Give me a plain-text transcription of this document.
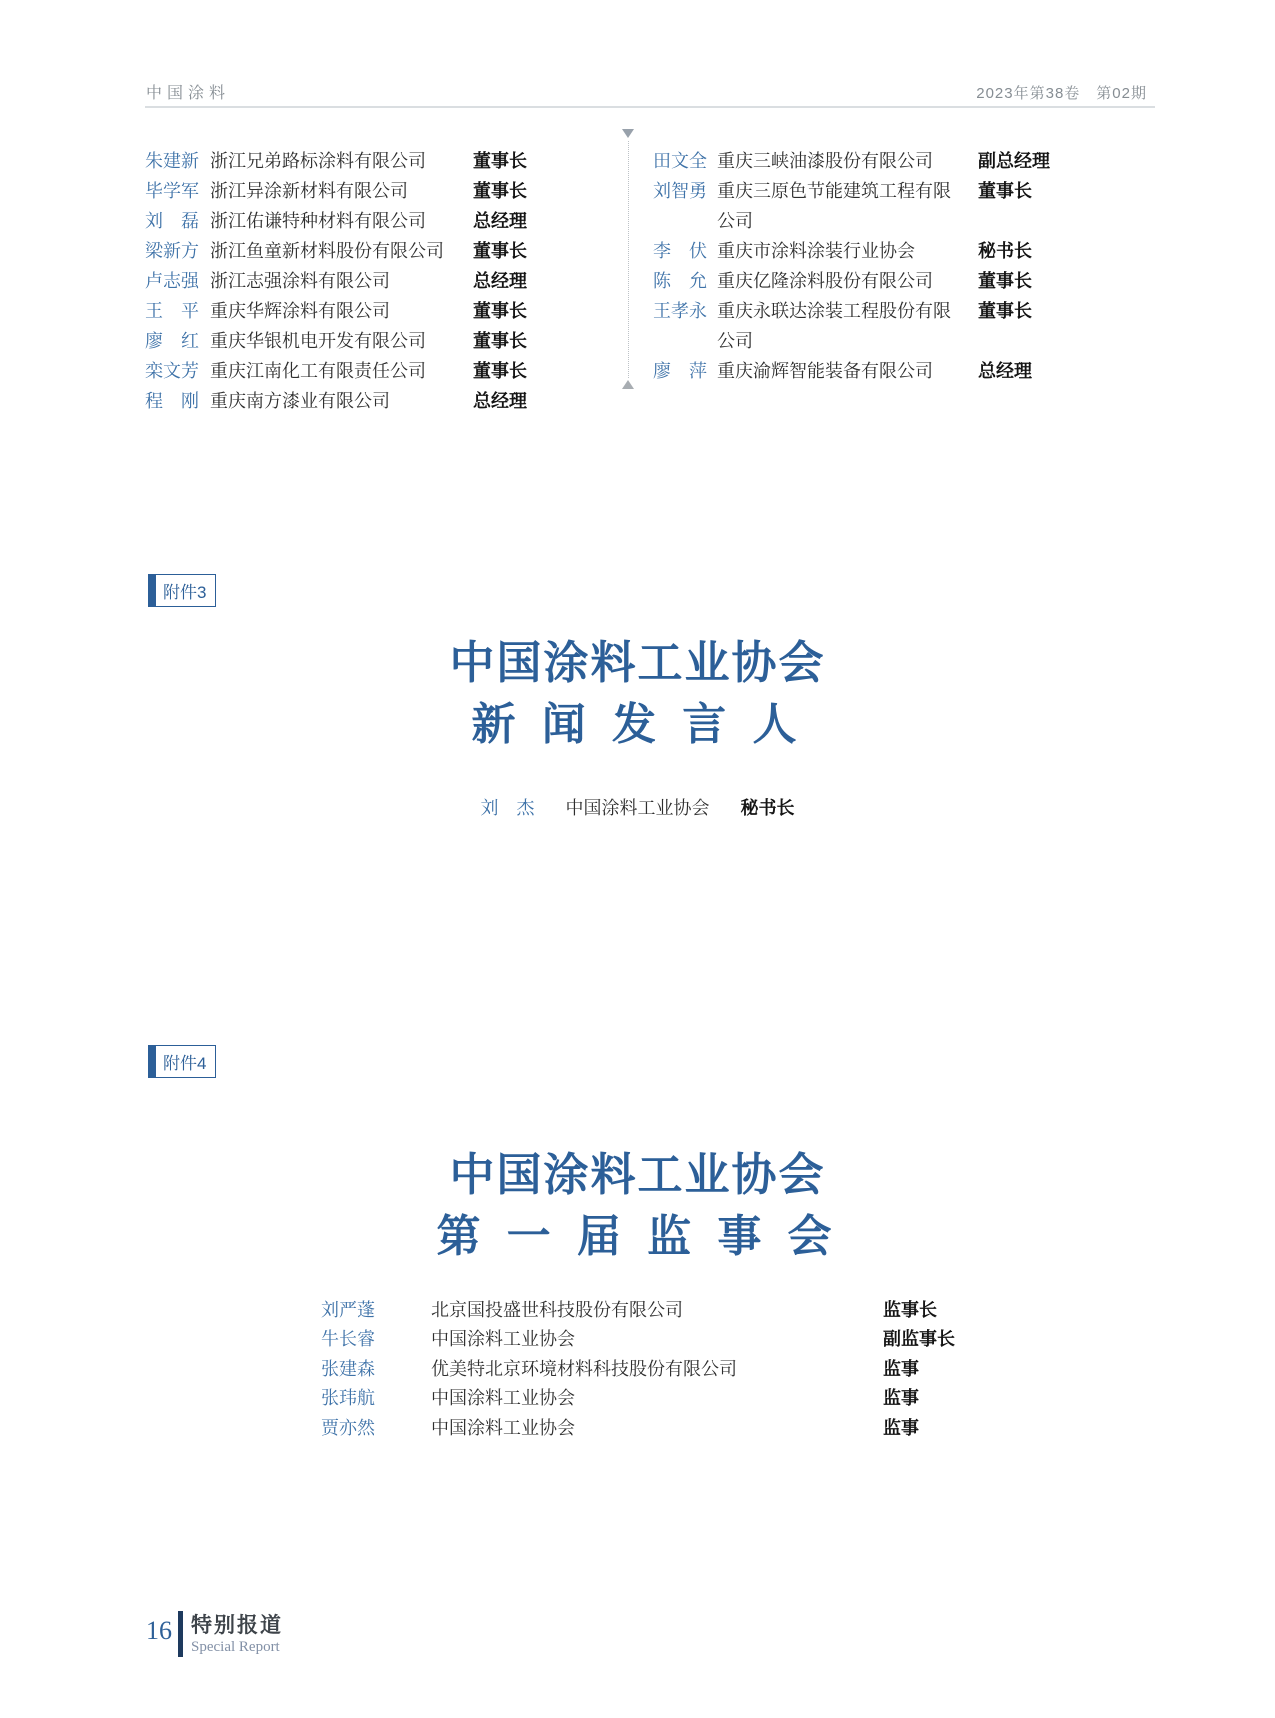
中国涂料	2023年第38卷　第02期
朱建新 浙江兄弟路标涂料有限公司	董事长
毕学军 浙江异涂新材料有限公司	董事长
刘　磊 浙江佑谦特种材料有限公司	总经理
梁新方 浙江鱼童新材料股份有限公司	董事长
卢志强 浙江志强涂料有限公司	总经理
王　平 重庆华辉涂料有限公司	董事长
廖　红 重庆华银机电开发有限公司	董事长
栾文芳 重庆江南化工有限责任公司	董事长
程　刚 重庆南方漆业有限公司	总经理
田文全 重庆三峡油漆股份有限公司	副总经理
刘智勇 重庆三原色节能建筑工程有限公司
董事长
李　伏 重庆市涂料涂装行业协会	秘书长
陈　允 重庆亿隆涂料股份有限公司	董事长
王孝永 重庆永联达涂装工程股份有限公司
董事长
廖　萍 重庆渝辉智能装备有限公司	总经理
附件3
中国涂料工业协会
新 闻 发 言 人
刘　杰 中国涂料工业协会 秘书长
附件4
中国涂料工业协会
第 一 届 监 事 会
刘严蓬	北京国投盛世科技股份有限公司	监事长
牛长睿	中国涂料工业协会	副监事长
张建森	优美特北京环境材料科技股份有限公司	监事
张玮航	中国涂料工业协会	监事
贾亦然	中国涂料工业协会	监事
16 特别报道
Special Report
